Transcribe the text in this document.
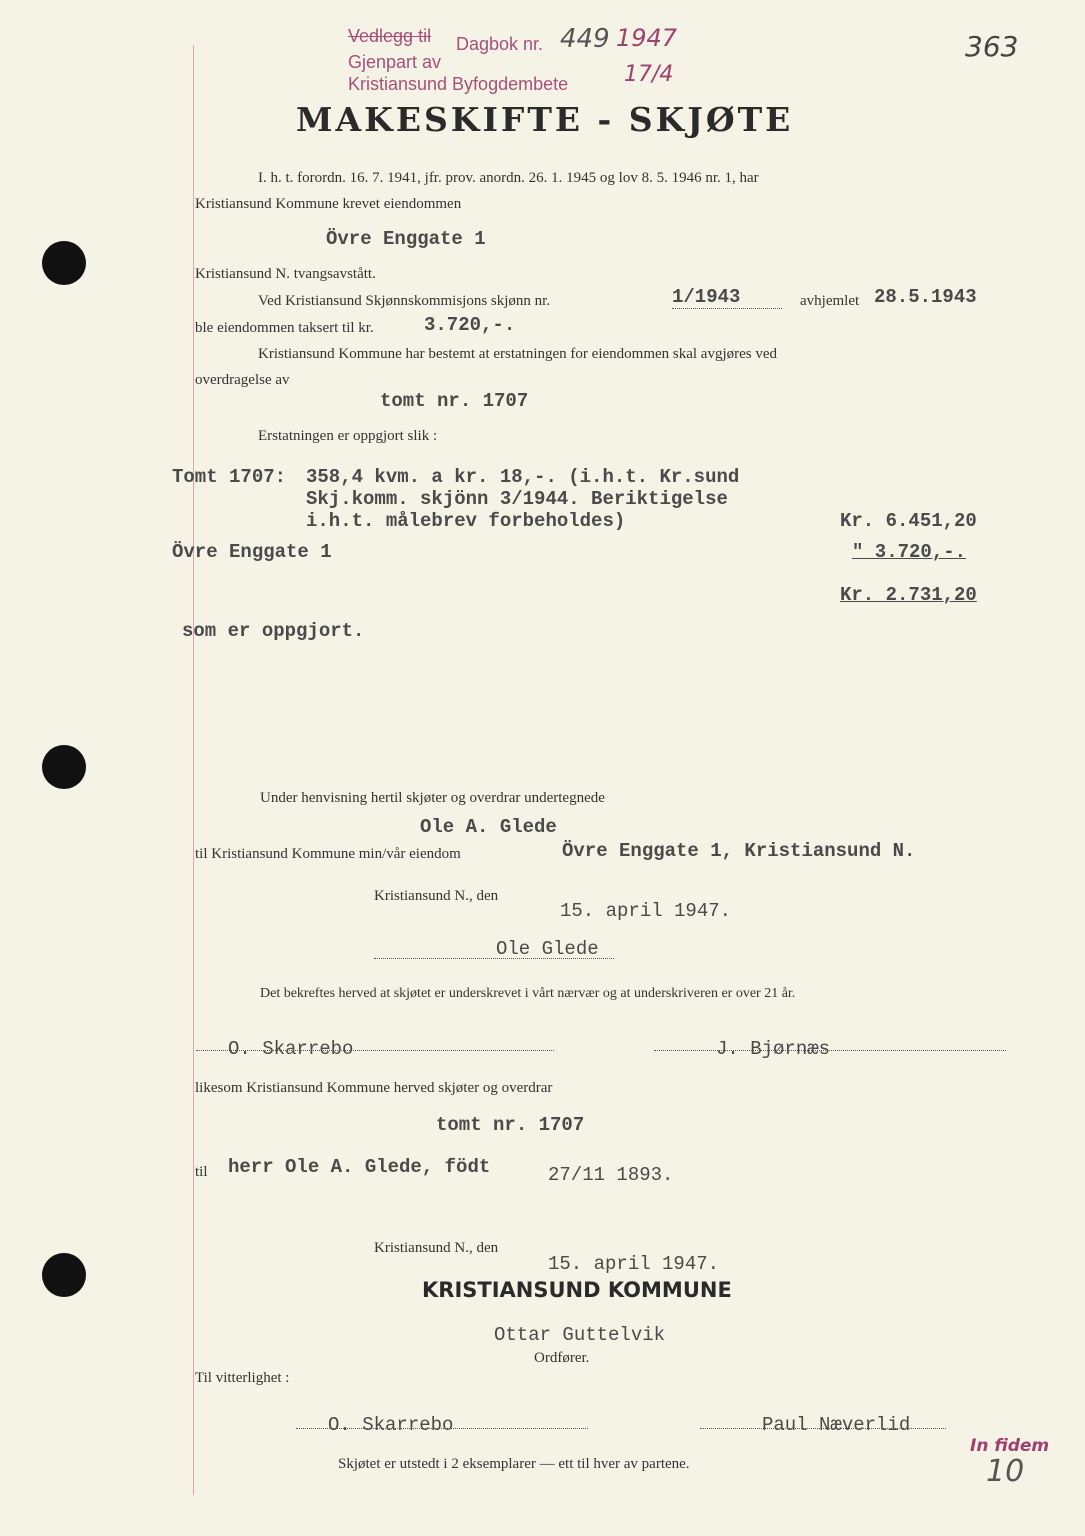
Vedlegg til Dagbok nr. 449 1947
Gjenpart av
Kristiansund Byfogdembete	17/4
363
MAKESKIFTE - SKJØTE
I. h. t. forordn. 16. 7. 1941, jfr. prov. anordn. 26. 1. 1945 og lov 8. 5. 1946 nr. 1, har
Kristiansund Kommune krevet eiendommen
Övre Enggate 1
Kristiansund N. tvangsavstått.
Ved Kristiansund Skjønnskommisjons skjønn nr.	1/1943	avhjemlet 28.5.1943
ble eiendommen taksert til kr.	3.720,-.
Kristiansund Kommune har bestemt at erstatningen for eiendommen skal avgjøres ved
overdragelse av
tomt nr. 1707
Erstatningen er oppgjort slik :
Tomt 1707: 358,4 kvm. a kr. 18,-. (i.h.t. Kr.sund
Skj.komm. skjönn 3/1944. Beriktigelse
i.h.t. målebrev forbeholdes)	Kr. 6.451,20
Övre Enggate 1	" 3.720,-.
Kr. 2.731,20
som er oppgjort.
Under henvisning hertil skjøter og overdrar undertegnede
Ole A. Glede
til Kristiansund Kommune min/vår eiendom	Övre Enggate 1, Kristiansund N.
Kristiansund N., den
15. april 1947.
Ole Glede
Det bekreftes herved at skjøtet er underskrevet i vårt nærvær og at underskriveren er over 21 år.
O. Skarrebo	J. Bjørnæs
likesom Kristiansund Kommune herved skjøter og overdrar
tomt nr. 1707
til herr Ole A. Glede, födt	27/11 1893.
Kristiansund N., den
15. april 1947.
KRISTIANSUND KOMMUNE
Ottar Guttelvik
Ordfører.
Til vitterlighet :
O. Skarrebo	Paul Næverlid
Skjøtet er utstedt i 2 eksemplarer — ett til hver av partene.
In fidem
10
